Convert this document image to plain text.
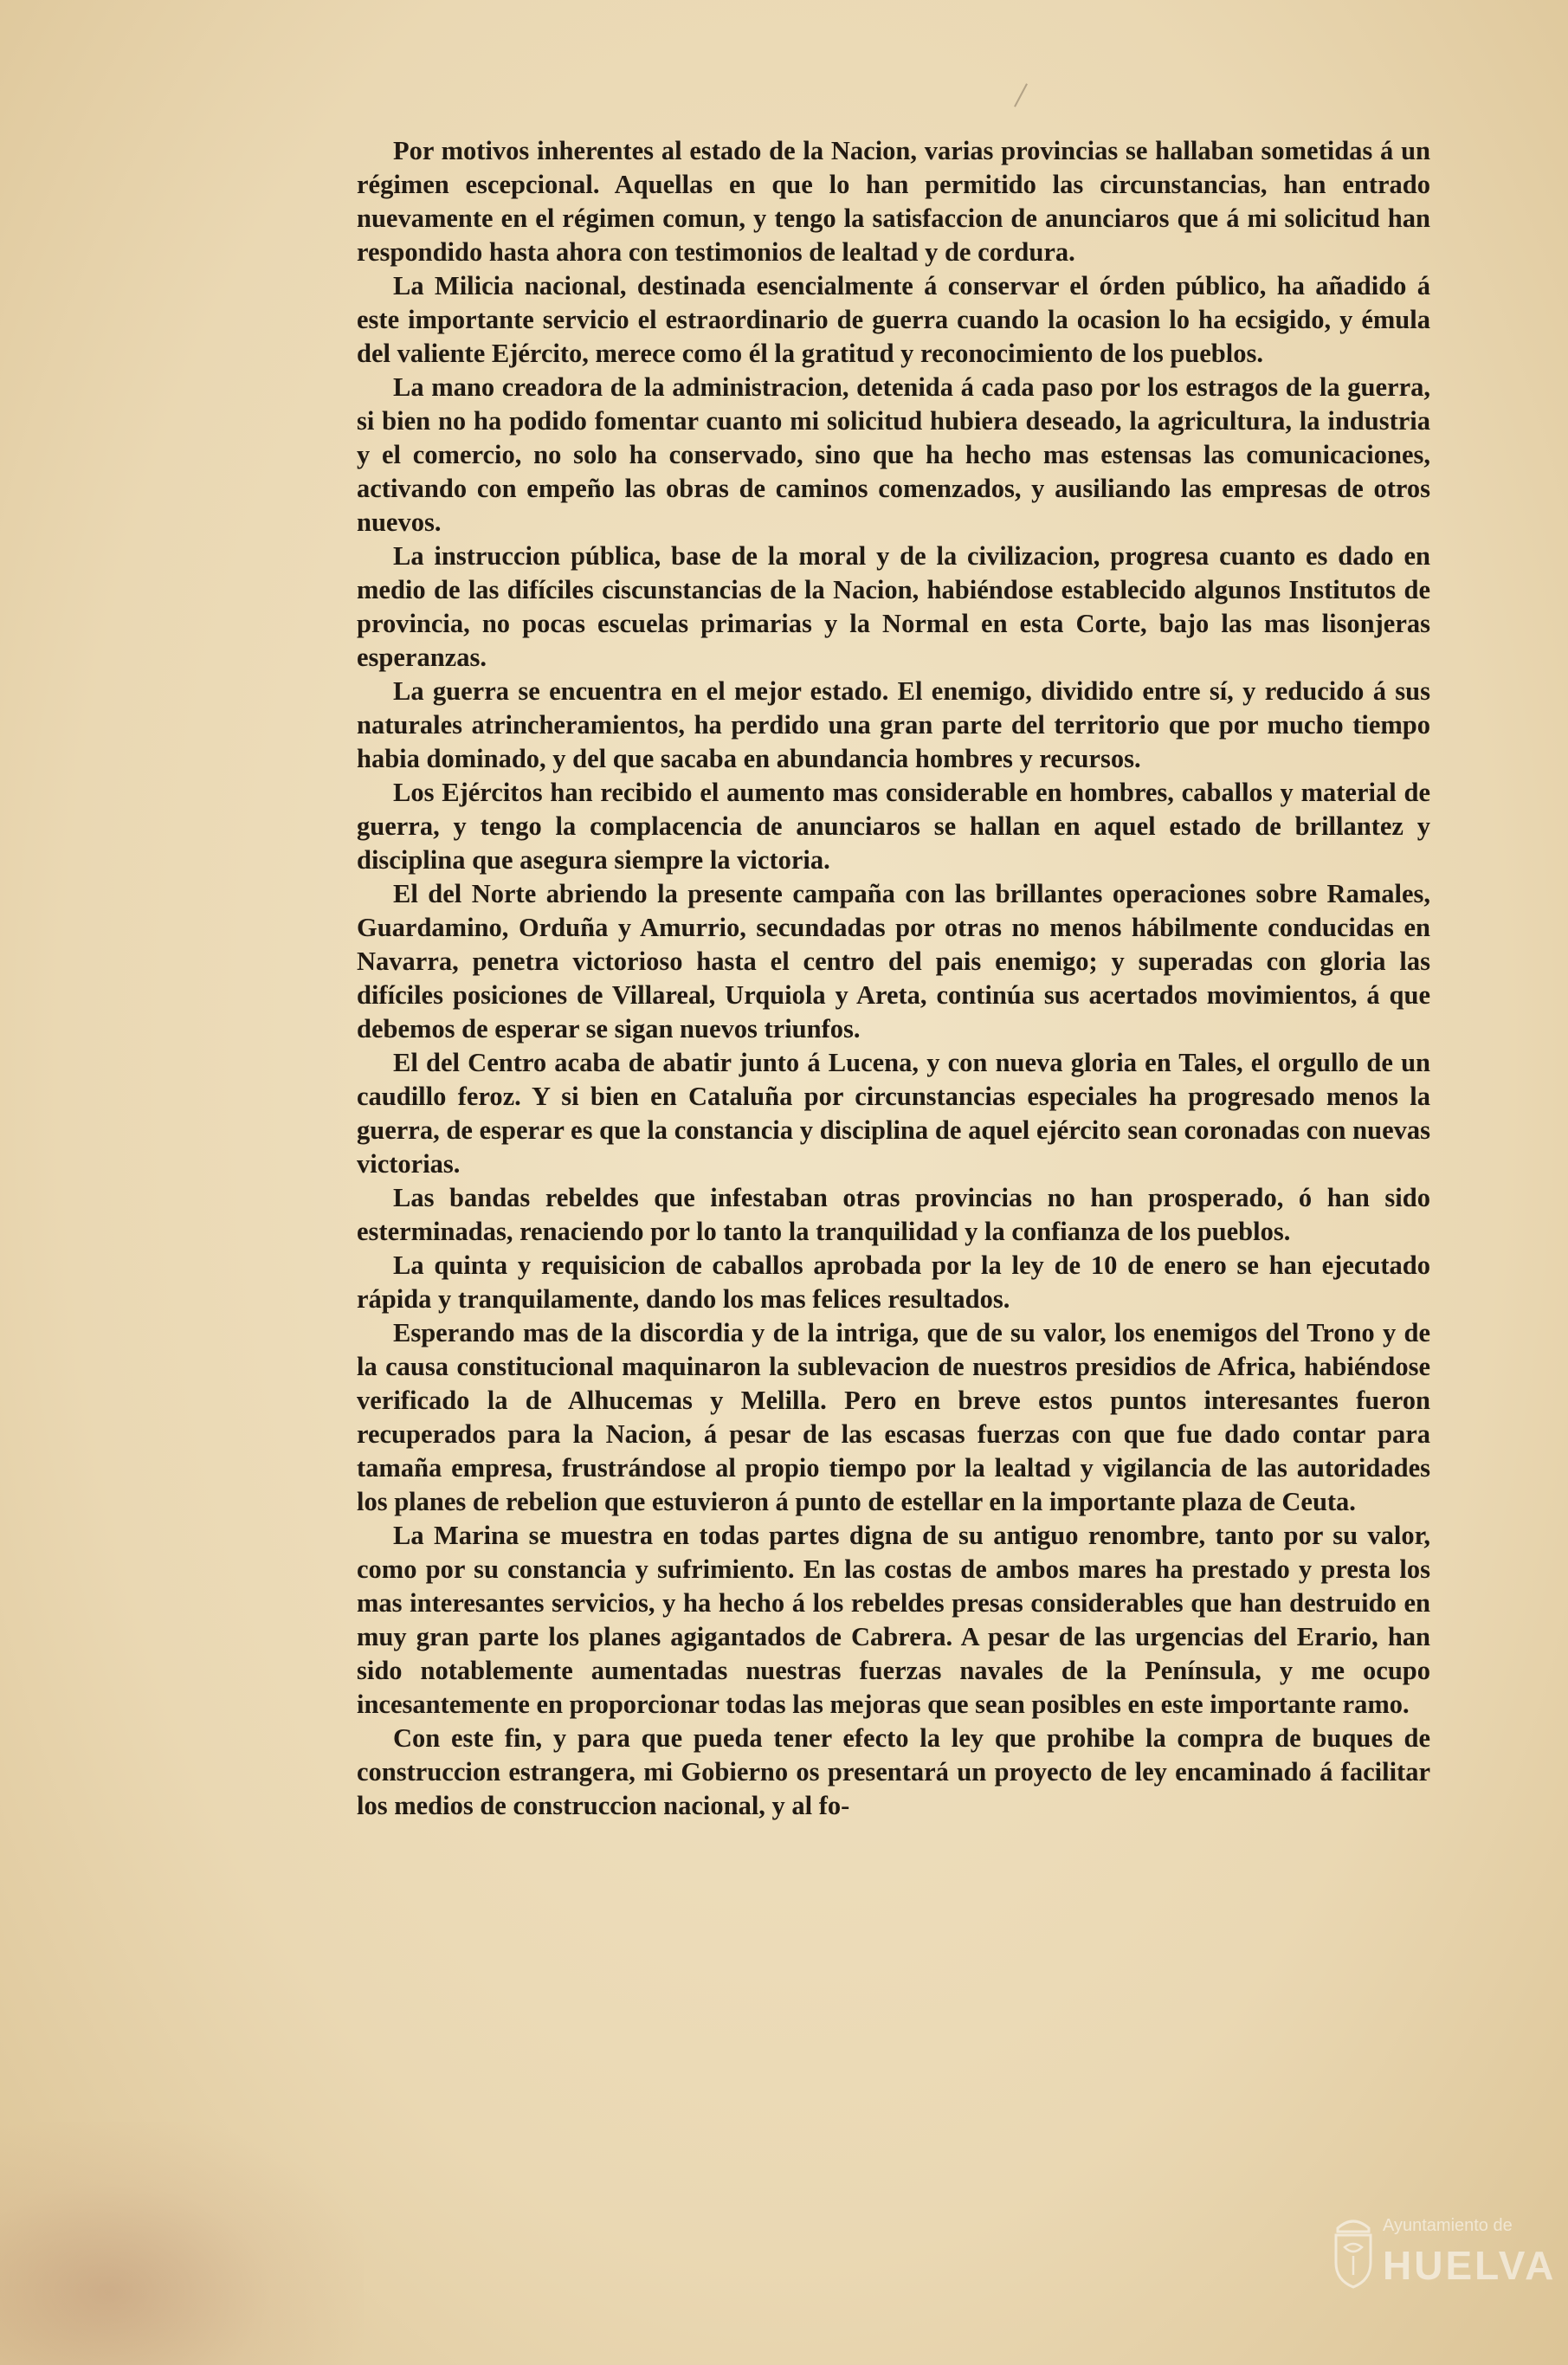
Por motivos inherentes al estado de la Nacion, varias provincias se hallaban sometidas á un régimen escepcional. Aquellas en que lo han permitido las circunstancias, han entrado nuevamente en el régimen comun, y tengo la satisfaccion de anunciaros que á mi solicitud han respondido hasta ahora con testimonios de lealtad y de cordura.

La Milicia nacional, destinada esencialmente á conservar el órden público, ha añadido á este importante servicio el estraordinario de guerra cuando la ocasion lo ha ecsigido, y émula del valiente Ejército, merece como él la gratitud y reconocimiento de los pueblos.

La mano creadora de la administracion, detenida á cada paso por los estragos de la guerra, si bien no ha podido fomentar cuanto mi solicitud hubiera deseado, la agricultura, la industria y el comercio, no solo ha conservado, sino que ha hecho mas estensas las comunicaciones, activando con empeño las obras de caminos comenzados, y ausiliando las empresas de otros nuevos.

La instruccion pública, base de la moral y de la civilizacion, progresa cuanto es dado en medio de las difíciles ciscunstancias de la Nacion, habiéndose establecido algunos Institutos de provincia, no pocas escuelas primarias y la Normal en esta Corte, bajo las mas lisonjeras esperanzas.

La guerra se encuentra en el mejor estado. El enemigo, dividido entre sí, y reducido á sus naturales atrincheramientos, ha perdido una gran parte del territorio que por mucho tiempo habia dominado, y del que sacaba en abundancia hombres y recursos.

Los Ejércitos han recibido el aumento mas considerable en hombres, caballos y material de guerra, y tengo la complacencia de anunciaros se hallan en aquel estado de brillantez y disciplina que asegura siempre la victoria.

El del Norte abriendo la presente campaña con las brillantes operaciones sobre Ramales, Guardamino, Orduña y Amurrio, secundadas por otras no menos hábilmente conducidas en Navarra, penetra victorioso hasta el centro del pais enemigo; y superadas con gloria las difíciles posiciones de Villareal, Urquiola y Areta, continúa sus acertados movimientos, á que debemos de esperar se sigan nuevos triunfos.

El del Centro acaba de abatir junto á Lucena, y con nueva gloria en Tales, el orgullo de un caudillo feroz. Y si bien en Cataluña por circunstancias especiales ha progresado menos la guerra, de esperar es que la constancia y disciplina de aquel ejército sean coronadas con nuevas victorias.

Las bandas rebeldes que infestaban otras provincias no han prosperado, ó han sido esterminadas, renaciendo por lo tanto la tranquilidad y la confianza de los pueblos.

La quinta y requisicion de caballos aprobada por la ley de 10 de enero se han ejecutado rápida y tranquilamente, dando los mas felices resultados.

Esperando mas de la discordia y de la intriga, que de su valor, los enemigos del Trono y de la causa constitucional maquinaron la sublevacion de nuestros presidios de Africa, habiéndose verificado la de Alhucemas y Melilla. Pero en breve estos puntos interesantes fueron recuperados para la Nacion, á pesar de las escasas fuerzas con que fue dado contar para tamaña empresa, frustrándose al propio tiempo por la lealtad y vigilancia de las autoridades los planes de rebelion que estuvieron á punto de estellar en la importante plaza de Ceuta.

La Marina se muestra en todas partes digna de su antiguo renombre, tanto por su valor, como por su constancia y sufrimiento. En las costas de ambos mares ha prestado y presta los mas interesantes servicios, y ha hecho á los rebeldes presas considerables que han destruido en muy gran parte los planes agigantados de Cabrera. A pesar de las urgencias del Erario, han sido notablemente aumentadas nuestras fuerzas navales de la Península, y me ocupo incesantemente en proporcionar todas las mejoras que sean posibles en este importante ramo.

Con este fin, y para que pueda tener efecto la ley que prohibe la compra de buques de construccion estrangera, mi Gobierno os presentará un proyecto de ley encaminado á facilitar los medios de construccion nacional, y al fo-

Ayuntamiento de
HUELVA
